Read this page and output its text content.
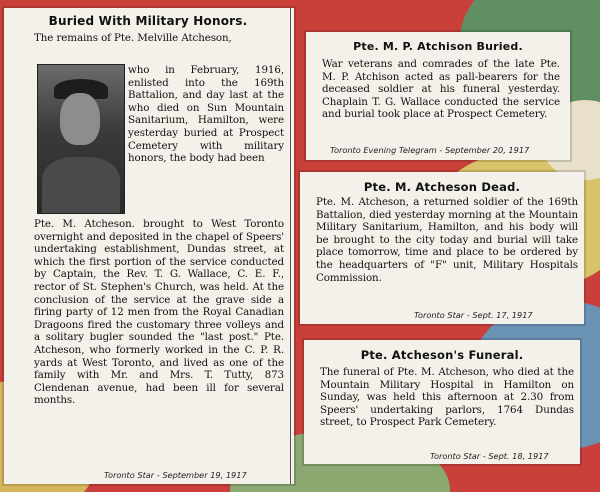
Buried With Military Honors.
The remains of Pte. Melville Atcheson,
who in February, 1916, enlisted into the 169th Battalion, and day last at the who died on Sun Mountain Sanitarium, Hamilton, were yesterday buried at Prospect Cemetery with military honors, the body had been
Pte. M. Atcheson. brought to West Toronto overnight and deposited in the chapel of Speers' undertaking establishment, Dundas street, at which the first portion of the service conducted by Captain, the Rev. T. G. Wallace, C. E. F., rector of St. Stephen's Church, was held. At the conclusion of the service at the grave side a firing party of 12 men from the Royal Canadian Dragoons fired the customary three volleys and a solitary bugler sounded the "last post." Pte. Atcheson, who formerly worked in the C. P. R. yards at West Toronto, and lived as one of the family with Mr. and Mrs. T. Tutty, 873 Clendenan avenue, had been ill for several months.
Toronto Star - September 19, 1917
Pte. M. P. Atchison Buried.
War veterans and comrades of the late Pte. M. P. Atchison acted as pall-bearers for the deceased soldier at his funeral yesterday. Chaplain T. G. Wallace conducted the service and burial took place at Prospect Cemetery.
Toronto Evening Telegram - September 20, 1917
Pte. M. Atcheson Dead.
Pte. M. Atcheson, a returned soldier of the 169th Battalion, died yesterday morning at the Mountain Military Sanitarium, Hamilton, and his body will be brought to the city today and burial will take place tomorrow, time and place to be ordered by the headquarters of "F" unit, Military Hospitals Commission.
Toronto Star - Sept. 17, 1917
Pte. Atcheson's Funeral.
The funeral of Pte. M. Atcheson, who died at the Mountain Military Hospital in Hamilton on Sunday, was held this afternoon at 2.30 from Speers' undertaking parlors, 1764 Dundas street, to Prospect Park Cemetery.
Toronto Star - Sept. 18, 1917
